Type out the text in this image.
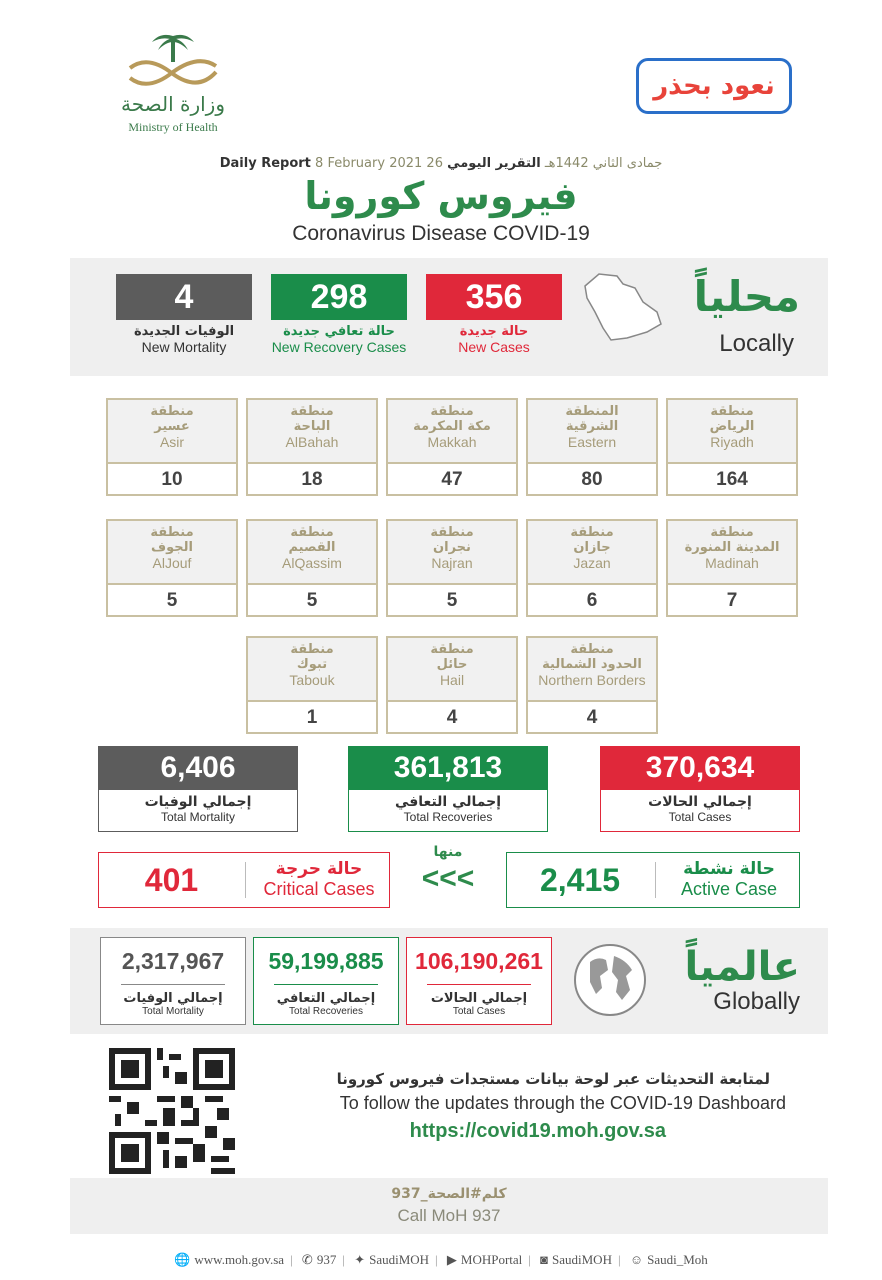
وزارة الصحة
Ministry of Health
نعود بحذر
Daily Report 8 February 2021 26 جمادى الثاني 1442هـ التقرير اليومي
فيروس كورونا
Coronavirus Disease COVID-19
4
الوفيات الجديدة
New Mortality
298
حالة تعافي جديدة
New Recovery Cases
356
حالة جديدة
New Cases
محلياً
Locally
منطقة
الرياض
Riyadh
164
المنطقة
الشرقية
Eastern
80
منطقة
مكة المكرمة
Makkah
47
منطقة
الباحة
AlBahah
18
منطقة
عسير
Asir
10
منطقة
المدينة المنورة
Madinah
7
منطقة
جازان
Jazan
6
منطقة
نجران
Najran
5
منطقة
القصيم
AlQassim
5
منطقة
الجوف
AlJouf
5
منطقة
الحدود الشمالية
Northern Borders
4
منطقة
حائل
Hail
4
منطقة
تبوك
Tabouk
1
6,406
إجمالي الوفيات
Total Mortality
361,813
إجمالي التعافي
Total Recoveries
370,634
إجمالي الحالات
Total Cases
401	حالة حرجة
Critical Cases
منها
<<<	2,415	حالة نشطة
Active Case
2,317,967
إجمالي الوفيات
Total Mortality
59,199,885
إجمالي التعافي
Total Recoveries
106,190,261
إجمالي الحالات
Total Cases
عالمياً
Globally
لمتابعة التحديثات عبر لوحة بيانات مستجدات فيروس كورونا
To follow the updates through the COVID-19 Dashboard
https://covid19.moh.gov.sa
كلم#الصحة_937
Call MoH 937
🌐 www.moh.gov.sa | ✆ 937 | ✦ SaudiMOH | ▶ MOHPortal | ◙ SaudiMOH | ☺ Saudi_Moh
